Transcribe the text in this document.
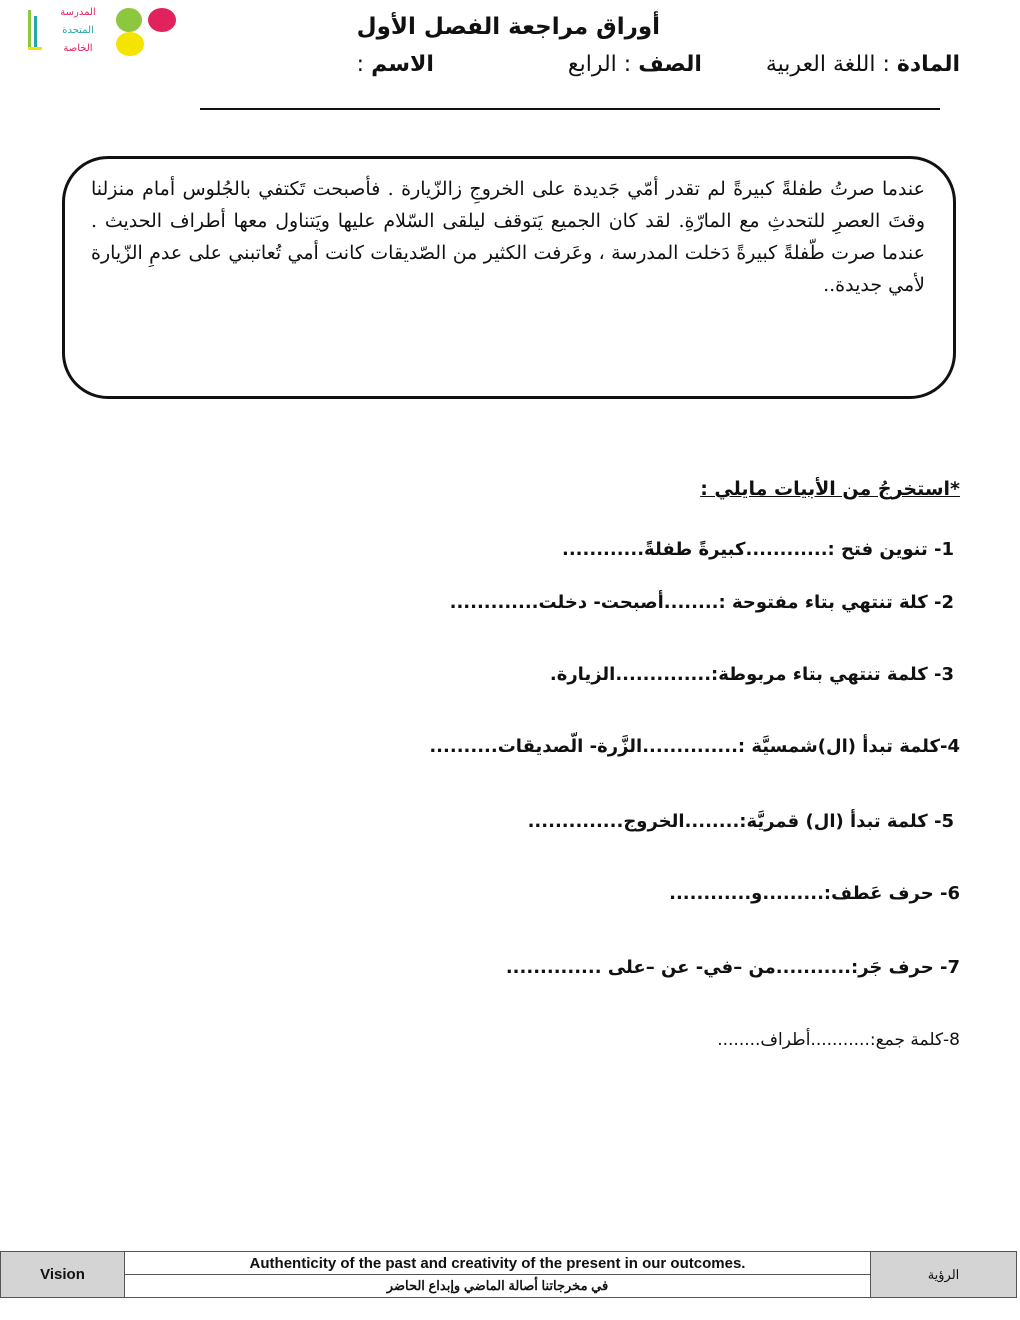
المدرسة
المتحدة
الخاصة
أوراق مراجعة الفصل الأول
المادة : اللغة العربية  الصف : الرابع  الاسم :
عندما صرتُ طفلةً كبيرةً لم تقدر أمّي جَديدة على الخروجِ زالزّيارة . فأصبحت تَكتفي بالجُلوس أمام منزلنا وقتَ العصرِ للتحدثِ مع المارّةِ. لقد كان الجميع يَتوقف ليلقى السّلام عليها ويَتناول معها أطراف الحديث . عندما صرت طّفلةً كبيرةً دَخلت المدرسة ، وعَرفت الكثير من الصّديقات كانت أمي تُعاتبني على عدمِ الزّيارة لأمي جديدة..
*استخرجُ من الأبيات مايلي :
1- تنوين فتح :............كبيرةً طفلةً............
2- كلة تنتهي بتاء مفتوحة :........أصبحت- دخلت.............
3- كلمة تنتهي بتاء مربوطة:..............الزيارة.
4-كلمة تبدأ (ال)شمسيَّة :..............الزَّرة- الّصديقات..........
5- كلمة تبدأ (ال) قمريَّة:........الخروج..............
6- حرف عَطف:.........و............
7- حرف جَر:...........من –في- عن –على ..............
8-كلمة جمع:...........أطراف........
Vision	Authenticity of the past and creativity of the present in our outcomes.	الرؤية
في مخرجاتنا أصالة الماضي وإبداع الحاضر
